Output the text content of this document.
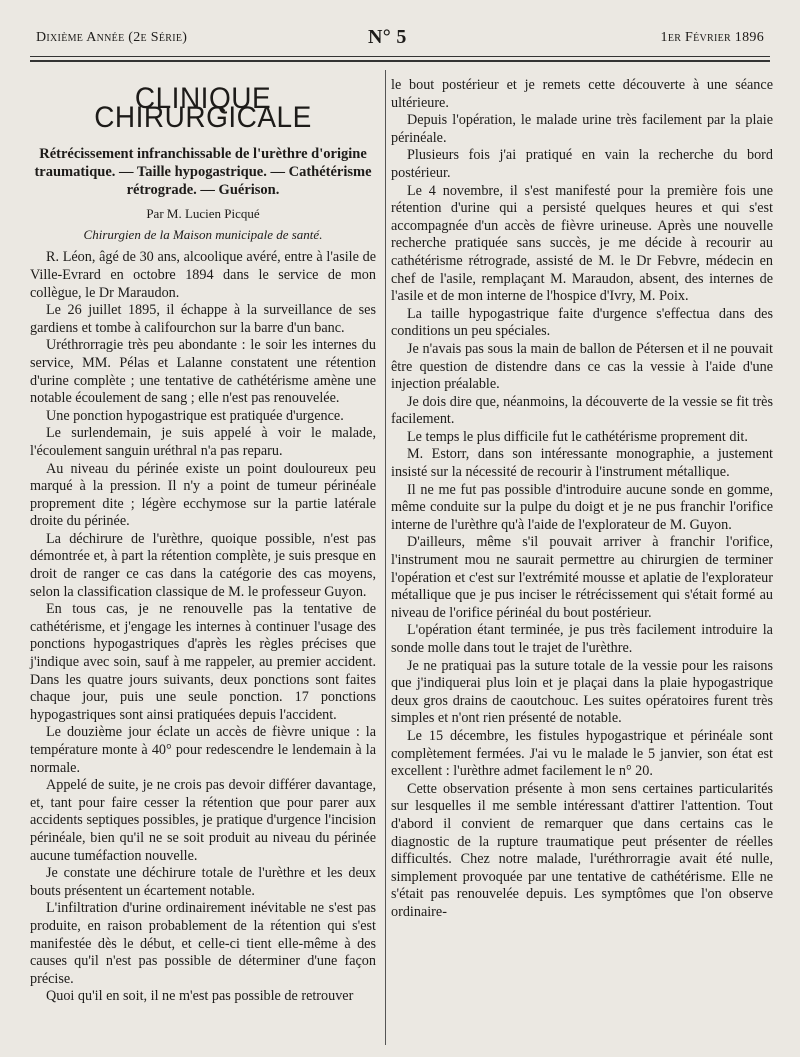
Dixième Année (2e Série)	N° 5	1er Février 1896
CLINIQUE CHIRURGICALE
Rétrécissement infranchissable de l'urèthre d'origine traumatique. — Taille hypogastrique. — Cathétérisme rétrograde. — Guérison.
Par M. Lucien Picqué
Chirurgien de la Maison municipale de santé.

R. Léon, âgé de 30 ans, alcoolique avéré, entre à l'asile de Ville-Evrard en octobre 1894 dans le service de mon collègue, le Dr Maraudon.

Le 26 juillet 1895, il échappe à la surveillance de ses gardiens et tombe à califourchon sur la barre d'un banc.

Uréthrorragie très peu abondante : le soir les internes du service, MM. Pélas et Lalanne constatent une rétention d'urine complète ; une tentative de cathétérisme amène une notable écoulement de sang ; elle n'est pas renouvelée.

Une ponction hypogastrique est pratiquée d'urgence.

Le surlendemain, je suis appelé à voir le malade, l'écoulement sanguin uréthral n'a pas reparu.

Au niveau du périnée existe un point douloureux peu marqué à la pression. Il n'y a point de tumeur périnéale proprement dite ; légère ecchymose sur la partie latérale droite du périnée.

La déchirure de l'urèthre, quoique possible, n'est pas démontrée et, à part la rétention complète, je suis presque en droit de ranger ce cas dans la catégorie des cas moyens, selon la classification classique de M. le professeur Guyon.

En tous cas, je ne renouvelle pas la tentative de cathétérisme, et j'engage les internes à continuer l'usage des ponctions hypogastriques d'après les règles précises que j'indique avec soin, sauf à me rappeler, au premier accident. Dans les quatre jours suivants, deux ponctions sont faites chaque jour, puis une seule ponction. 17 ponctions hypogastriques sont ainsi pratiquées depuis l'accident.

Le douzième jour éclate un accès de fièvre unique : la température monte à 40° pour redescendre le lendemain à la normale.

Appelé de suite, je ne crois pas devoir différer davantage, et, tant pour faire cesser la rétention que pour parer aux accidents septiques possibles, je pratique d'urgence l'incision périnéale, bien qu'il ne se soit produit au niveau du périnée aucune tuméfaction nouvelle.

Je constate une déchirure totale de l'urèthre et les deux bouts présentent un écartement notable.

L'infiltration d'urine ordinairement inévitable ne s'est pas produite, en raison probablement de la rétention qui s'est manifestée dès le début, et celle-ci tient elle-même à des causes qu'il n'est pas possible de déterminer d'une façon précise.

Quoi qu'il en soit, il ne m'est pas possible de retrouver

le bout postérieur et je remets cette découverte à une séance ultérieure.

Depuis l'opération, le malade urine très facilement par la plaie périnéale.

Plusieurs fois j'ai pratiqué en vain la recherche du bord postérieur.

Le 4 novembre, il s'est manifesté pour la première fois une rétention d'urine qui a persisté quelques heures et qui s'est accompagnée d'un accès de fièvre urineuse. Après une nouvelle recherche pratiquée sans succès, je me décide à recourir au cathétérisme rétrograde, assisté de M. le Dr Febvre, médecin en chef de l'asile, remplaçant M. Maraudon, absent, des internes de l'asile et de mon interne de l'hospice d'Ivry, M. Poix.

La taille hypogastrique faite d'urgence s'effectua dans des conditions un peu spéciales.

Je n'avais pas sous la main de ballon de Pétersen et il ne pouvait être question de distendre dans ce cas la vessie à l'aide d'une injection préalable.

Je dois dire que, néanmoins, la découverte de la vessie se fit très facilement.

Le temps le plus difficile fut le cathétérisme proprement dit.

M. Estorr, dans son intéressante monographie, a justement insisté sur la nécessité de recourir à l'instrument métallique.

Il ne me fut pas possible d'introduire aucune sonde en gomme, même conduite sur la pulpe du doigt et je ne pus franchir l'orifice interne de l'urèthre qu'à l'aide de l'explorateur de M. Guyon.

D'ailleurs, même s'il pouvait arriver à franchir l'orifice, l'instrument mou ne saurait permettre au chirurgien de terminer l'opération et c'est sur l'extrémité mousse et aplatie de l'explorateur métallique que je pus inciser le rétrécissement qui s'était formé au niveau de l'orifice périnéal du bout postérieur.

L'opération étant terminée, je pus très facilement introduire la sonde molle dans tout le trajet de l'urèthre.

Je ne pratiquai pas la suture totale de la vessie pour les raisons que j'indiquerai plus loin et je plaçai dans la plaie hypogastrique deux gros drains de caoutchouc. Les suites opératoires furent très simples et n'ont rien présenté de notable.

Le 15 décembre, les fistules hypogastrique et périnéale sont complètement fermées. J'ai vu le malade le 5 janvier, son état est excellent : l'urèthre admet facilement le n° 20.

Cette observation présente à mon sens certaines particularités sur lesquelles il me semble intéressant d'attirer l'attention. Tout d'abord il convient de remarquer que dans certains cas le diagnostic de la rupture traumatique peut présenter de réelles difficultés. Chez notre malade, l'uréthrorragie avait été nulle, simplement provoquée par une tentative de cathétérisme. Elle ne s'était pas renouvelée depuis. Les symptômes que l'on observe ordinaire-
